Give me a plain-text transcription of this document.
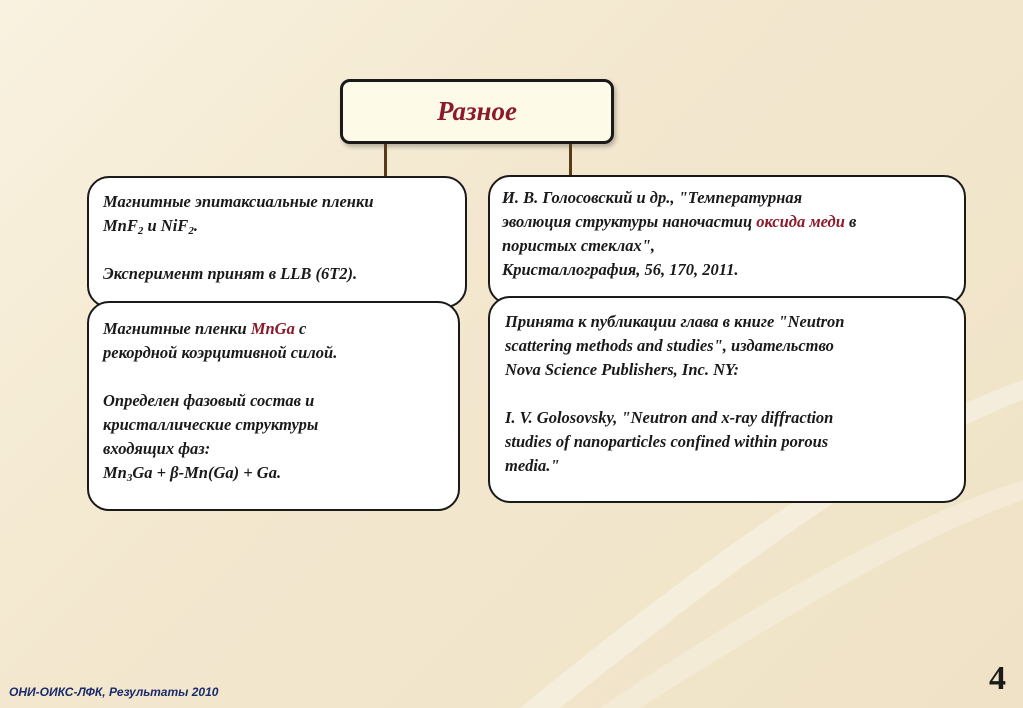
Разное

Магнитные эпитаксиальные пленки

MnF$_2$ и NiF$_2$.

Эксперимент принят в LLB (6T2).

И. В. Голосовский и др., "Температурная

эволюция структуры наночастиц оксида меди в

пористых стеклах",

Кристаллография, 56, 170, 2011.

Магнитные пленки MnGa с

рекордной коэрцитивной силой.

Определен фазовый состав и

кристаллические структуры

входящих фаз:

$Mn_3Ga + \beta-Mn(Ga) + Ga$.

Принята к публикации глава в книге "Neutron

scattering methods and studies", издательство

Nova Science Publishers, Inc. NY:

I. V. Golosovsky, "Neutron and x-ray diffraction

studies of nanoparticles confined within porous

media."

ОНИ-ОИКС-ЛФК, Результаты 2010	4
